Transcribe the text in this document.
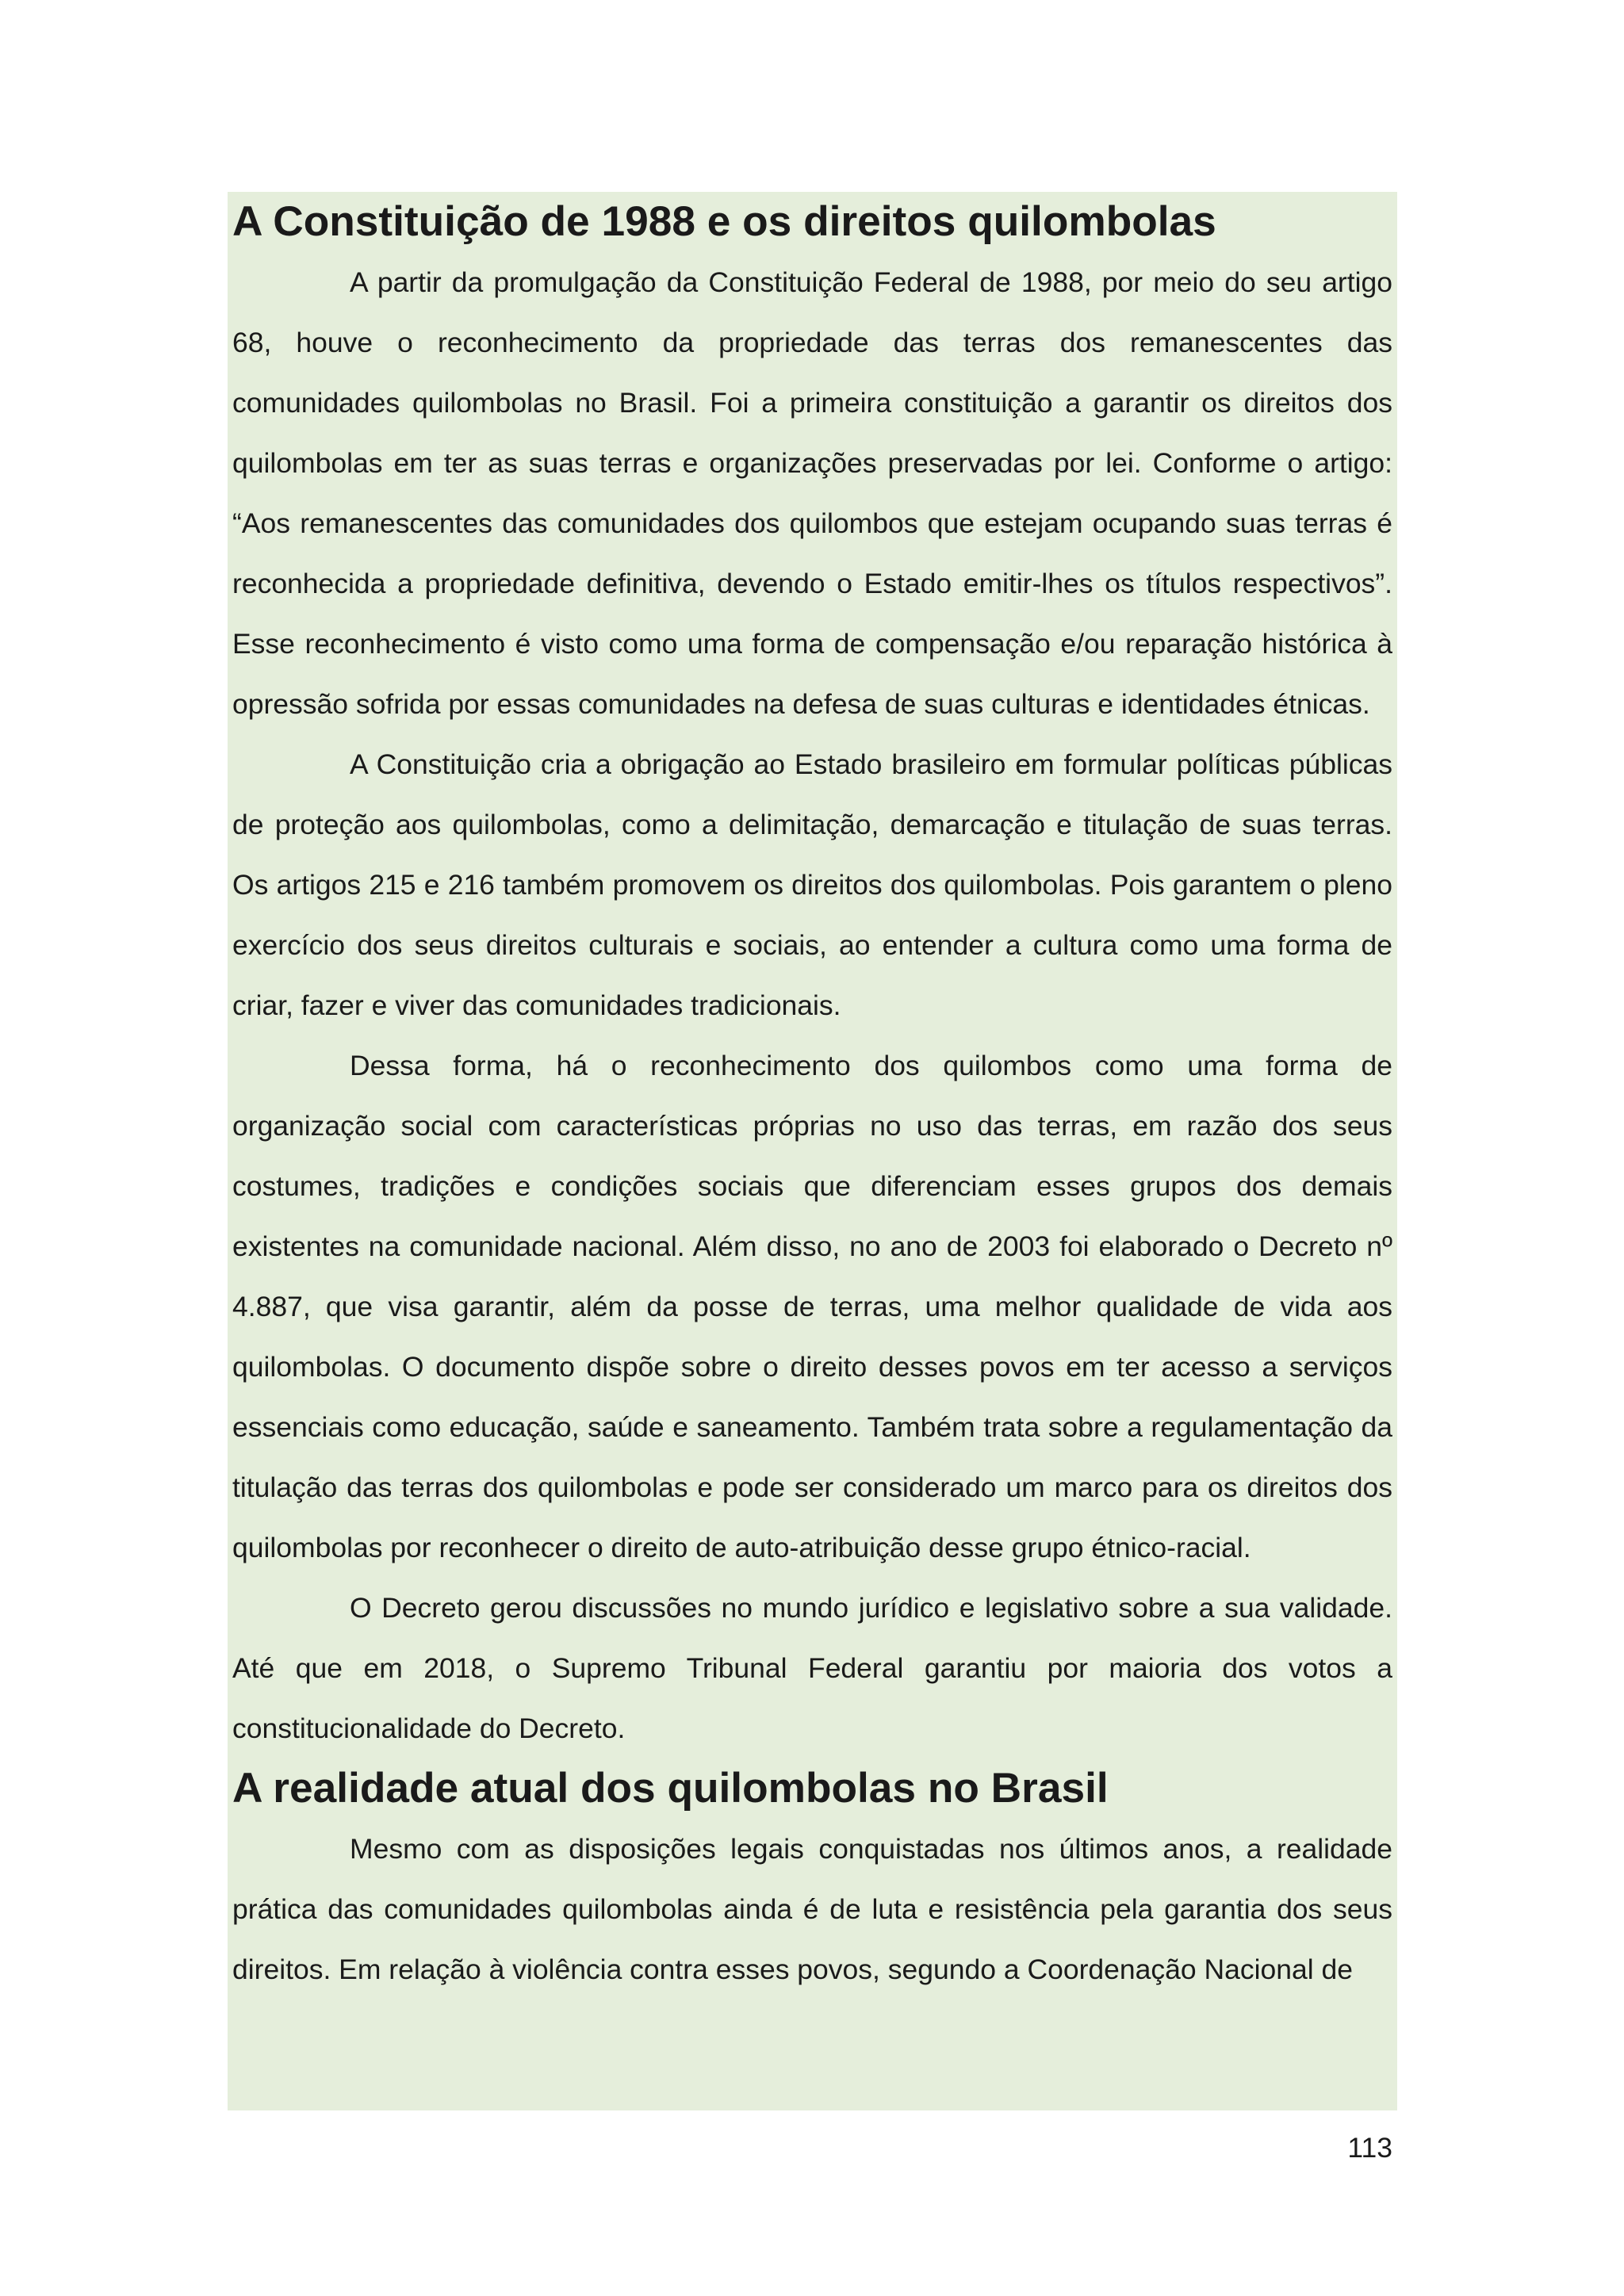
A Constituição de 1988 e os direitos quilombolas

A partir da promulgação da Constituição Federal de 1988, por meio do seu artigo 68, houve o reconhecimento da propriedade das terras dos remanescentes das comunidades quilombolas no Brasil. Foi a primeira constituição a garantir os direitos dos quilombolas em ter as suas terras e organizações preservadas por lei. Conforme o artigo: “Aos remanescentes das comunidades dos quilombos que estejam ocupando suas terras é reconhecida a propriedade definitiva, devendo o Estado emitir-lhes os títulos respectivos”. Esse reconhecimento é visto como uma forma de compensação e/ou reparação histórica à opressão sofrida por essas comunidades na defesa de suas culturas e identidades étnicas.

A Constituição cria a obrigação ao Estado brasileiro em formular políticas públicas de proteção aos quilombolas, como a delimitação, demarcação e titulação de suas terras. Os artigos 215 e 216 também promovem os direitos dos quilombolas. Pois garantem o pleno exercício dos seus direitos culturais e sociais, ao entender a cultura como uma forma de criar, fazer e viver das comunidades tradicionais.

Dessa forma, há o reconhecimento dos quilombos como uma forma de organização social com características próprias no uso das terras, em razão dos seus costumes, tradições e condições sociais que diferenciam esses grupos dos demais existentes na comunidade nacional. Além disso, no ano de 2003 foi elaborado o Decreto nº 4.887, que visa garantir, além da posse de terras, uma melhor qualidade de vida aos quilombolas. O documento dispõe sobre o direito desses povos em ter acesso a serviços essenciais como educação, saúde e saneamento. Também trata sobre a regulamentação da titulação das terras dos quilombolas e pode ser considerado um marco para os direitos dos quilombolas por reconhecer o direito de auto-atribuição desse grupo étnico-racial.

O Decreto gerou discussões no mundo jurídico e legislativo sobre a sua validade. Até que em 2018, o Supremo Tribunal Federal garantiu por maioria dos votos a constitucionalidade do Decreto.

A realidade atual dos quilombolas no Brasil

Mesmo com as disposições legais conquistadas nos últimos anos, a realidade prática das comunidades quilombolas ainda é de luta e resistência pela garantia dos seus direitos. Em relação à violência contra esses povos, segundo a Coordenação Nacional de

113
